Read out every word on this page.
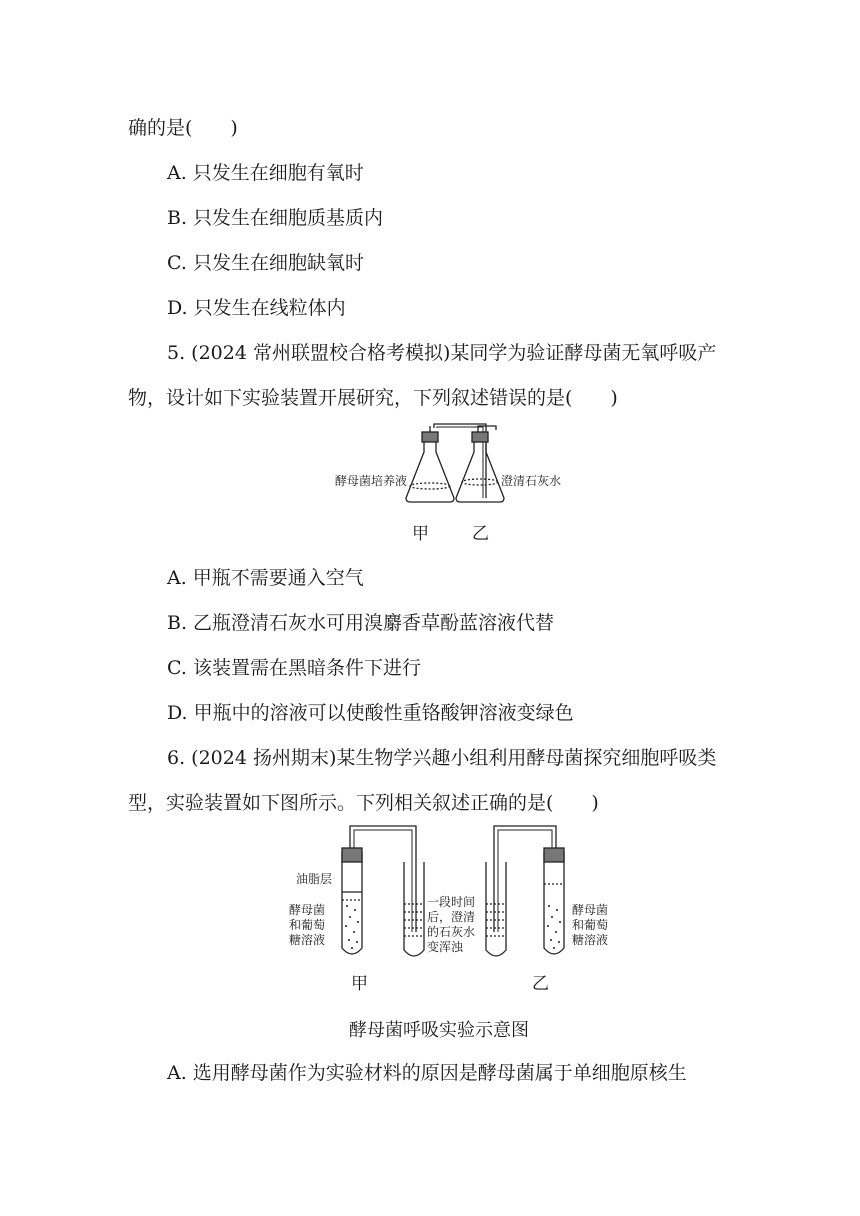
确的是(　　)
A. 只发生在细胞有氧时
B. 只发生在细胞质基质内
C. 只发生在细胞缺氧时
D. 只发生在线粒体内
5. (2024 常州联盟校合格考模拟)某同学为验证酵母菌无氧呼吸产
物，设计如下实验装置开展研究，下列叙述错误的是(　　)
酵母菌培养液	澄清石灰水
甲	乙
A. 甲瓶不需要通入空气
B. 乙瓶澄清石灰水可用溴麝香草酚蓝溶液代替
C. 该装置需在黑暗条件下进行
D. 甲瓶中的溶液可以使酸性重铬酸钾溶液变绿色
6. (2024 扬州期末)某生物学兴趣小组利用酵母菌探究细胞呼吸类
型，实验装置如下图所示。下列相关叙述正确的是(　　)
油脂层
酵母菌
和葡萄
糖溶液
一段时间
后，澄清
的石灰水
变浑浊
酵母菌
和葡萄
糖溶液
甲	乙
酵母菌呼吸实验示意图
A. 选用酵母菌作为实验材料的原因是酵母菌属于单细胞原核生
